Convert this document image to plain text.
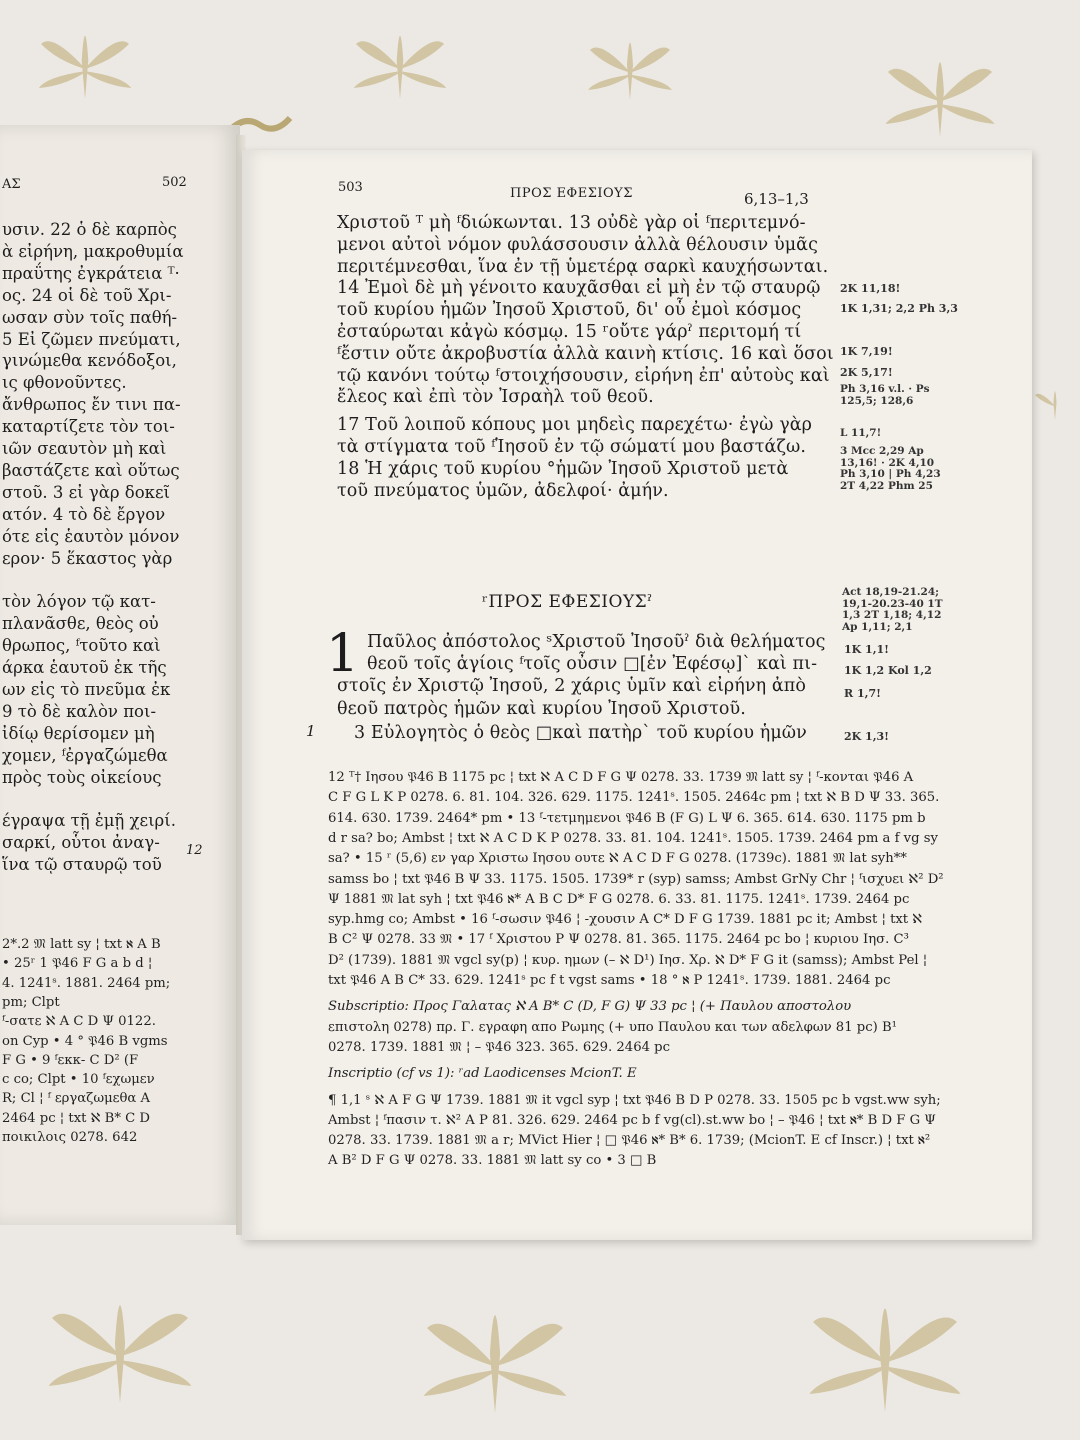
ΑΣ	502
υσιν. 22 ὁ δὲ καρπὸς
ὰ εἰρήνη, μακροθυμία
πραΰτης ἐγκράτεια ᵀ·
ος. 24 οἱ δὲ τοῦ Χρι-
ωσαν σὺν τοῖς παθή-
5 Εἰ ζῶμεν πνεύματι,
γινώμεθα κενόδοξοι,
ις φθονοῦντες.
ἄνθρωπος ἔν τινι πα-
καταρτίζετε τὸν τοι-
ιῶν σεαυτὸν μὴ καὶ
βαστάζετε καὶ οὕτως
στοῦ. 3 εἰ γὰρ δοκεῖ
ατόν. 4 τὸ δὲ ἔργον
ότε εἰς ἑαυτὸν μόνον
ερον· 5 ἕκαστος γὰρ
τὸν λόγον τῷ κατ-
πλανᾶσθε, θεὸς οὐ
θρωπος, ᶠτοῦτο καὶ
άρκα ἑαυτοῦ ἐκ τῆς
ων εἰς τὸ πνεῦμα ἐκ
9 τὸ δὲ καλὸν ποι-
ἰδίῳ θερίσομεν μὴ
χομεν, ᶠἐργαζώμεθα
πρὸς τοὺς οἰκείους
έγραψα τῇ ἐμῇ χειρί.
σαρκί, οὗτοι ἀναγ-
ἵνα τῷ σταυρῷ τοῦ
2*.2 𝔐 latt sy ¦ txt ℵ A B
• 25ʳ 1 𝔓46 F G a b d ¦
4. 1241ˢ. 1881. 2464 pm;
pm; Clpt
ᶠ-σατε ℵ A C D Ψ 0122.
on Cyp • 4 ° 𝔓46 B vgms
F G • 9 ᶠεκκ- C D² (F
c co; Clpt • 10 ᶠεχωμεν
R; Cl ¦ ᶠ εργαζωμεθα A
2464 pc ¦ txt ℵ B* C D
ποικιλοις 0278. 642
12
503	ΠΡΟΣ ΕΦΕΣΙΟΥΣ	6,13–1,3
Χριστοῦ ᵀ μὴ ᶠδιώκωνται. 13 οὐδὲ γὰρ οἱ ᶠπεριτεμνό-
μενοι αὐτοὶ νόμον φυλάσσουσιν ἀλλὰ θέλουσιν ὑμᾶς
περιτέμνεσθαι, ἵνα ἐν τῇ ὑμετέρᾳ σαρκὶ καυχήσωνται.
14 Ἐμοὶ δὲ μὴ γένοιτο καυχᾶσθαι εἰ μὴ ἐν τῷ σταυρῷ
τοῦ κυρίου ἡμῶν Ἰησοῦ Χριστοῦ, δι' οὗ ἐμοὶ κόσμος
ἐσταύρωται κἀγὼ κόσμῳ. 15 ʳοὔτε γάρˀ περιτομή τί
ᶠἔστιν οὔτε ἀκροβυστία ἀλλὰ καινὴ κτίσις. 16 καὶ ὅσοι
τῷ κανόνι τούτῳ ᶠστοιχήσουσιν, εἰρήνη ἐπ' αὐτοὺς καὶ
ἔλεος καὶ ἐπὶ τὸν Ἰσραὴλ τοῦ θεοῦ.
17 Τοῦ λοιποῦ κόπους μοι μηδεὶς παρεχέτω· ἐγὼ γὰρ
τὰ στίγματα τοῦ ᶠἸησοῦ ἐν τῷ σώματί μου βαστάζω.
18 Ἡ χάρις τοῦ κυρίου °ἡμῶν Ἰησοῦ Χριστοῦ μετὰ
τοῦ πνεύματος ὑμῶν, ἀδελφοί· ἀμήν.
2K 11,18!
1K 1,31; 2,2 Ph 3,3
1K 7,19!
2K 5,17!
Ph 3,16 v.l. · Ps 125,5; 128,6
L 11,7!
3 Mcc 2,29 Ap 13,16! · 2K 4,10 Ph 3,10 | Ph 4,23 2T 4,22 Phm 25
ʳΠΡΟΣ ΕΦΕΣΙΟΥΣˀ	Act 18,19-21.24; 19,1-20.23-40 1T 1,3 2T 1,18; 4,12 Ap 1,11; 2,1
1 Παῦλος ἀπόστολος ˢΧριστοῦ Ἰησοῦˀ διὰ θελήματος
θεοῦ τοῖς ἁγίοις ᶠτοῖς οὖσιν □[ἐν Ἐφέσῳ]ˋ καὶ πι-
στοῖς ἐν Χριστῷ Ἰησοῦ, 2 χάρις ὑμῖν καὶ εἰρήνη ἀπὸ
θεοῦ πατρὸς ἡμῶν καὶ κυρίου Ἰησοῦ Χριστοῦ.
3 Εὐλογητὸς ὁ θεὸς □καὶ πατὴρˋ τοῦ κυρίου ἡμῶν
1K 1,1!
1K 1,2 Kol 1,2
R 1,7!
2K 1,3!
12 ᵀ† Ιησου 𝔓46 B 1175 pc ¦ txt ℵ A C D F G Ψ 0278. 33. 1739 𝔐 latt sy ¦ ᶠ-κονται 𝔓46 A
C F G L K P 0278. 6. 81. 104. 326. 629. 1175. 1241ˢ. 1505. 2464c pm ¦ txt ℵ B D Ψ 33. 365.
614. 630. 1739. 2464* pm • 13 ᶠ-τετμημενοι 𝔓46 B (F G) L Ψ 6. 365. 614. 630. 1175 pm b
d r sa? bo; Ambst ¦ txt ℵ A C D K P 0278. 33. 81. 104. 1241ˢ. 1505. 1739. 2464 pm a f vg sy
sa? • 15 ʳ (5,6) εν γαρ Χριστω Ιησου ουτε ℵ A C D F G 0278. (1739c). 1881 𝔐 lat syh**
samss bo ¦ txt 𝔓46 B Ψ 33. 1175. 1505. 1739* r (syp) samss; Ambst GrNy Chr ¦ ᶠισχυει ℵ² D²
Ψ 1881 𝔐 lat syh ¦ txt 𝔓46 ℵ* A B C D* F G 0278. 6. 33. 81. 1175. 1241ˢ. 1739. 2464 pc
syp.hmg co; Ambst • 16 ᶠ-σωσιν 𝔓46 ¦ -χουσιν A C* D F G 1739. 1881 pc it; Ambst ¦ txt ℵ
B C² Ψ 0278. 33 𝔐 • 17 ᶠ Χριστου P Ψ 0278. 81. 365. 1175. 2464 pc bo ¦ κυριου Ιησ. C³
D² (1739). 1881 𝔐 vgcl sy(p) ¦ κυρ. ημων (– ℵ D¹) Ιησ. Χρ. ℵ D* F G it (samss); Ambst Pel ¦
txt 𝔓46 A B C* 33. 629. 1241ˢ pc f t vgst sams • 18 ° ℵ P 1241ˢ. 1739. 1881. 2464 pc
Subscriptio: Προς Γαλατας ℵ A B* C (D, F G) Ψ 33 pc ¦ (+ Παυλου αποστολου
επιστολη 0278) πρ. Γ. εγραφη απο Ρωμης (+ υπο Παυλου και των αδελφων 81 pc) B¹
0278. 1739. 1881 𝔐 ¦ – 𝔓46 323. 365. 629. 2464 pc
Inscriptio (cf vs 1): ʳad Laodicenses McionT. E
¶ 1,1 ˢ ℵ A F G Ψ 1739. 1881 𝔐 it vgcl syp ¦ txt 𝔓46 B D P 0278. 33. 1505 pc b vgst.ww syh;
Ambst ¦ ᶠπασιν τ. ℵ² A P 81. 326. 629. 2464 pc b f vg(cl).st.ww bo ¦ – 𝔓46 ¦ txt ℵ* B D F G Ψ
0278. 33. 1739. 1881 𝔐 a r; MVict Hier ¦ □ 𝔓46 ℵ* B* 6. 1739; (McionT. E cf Inscr.) ¦ txt ℵ²
A B² D F G Ψ 0278. 33. 1881 𝔐 latt sy co • 3 □ B
1
